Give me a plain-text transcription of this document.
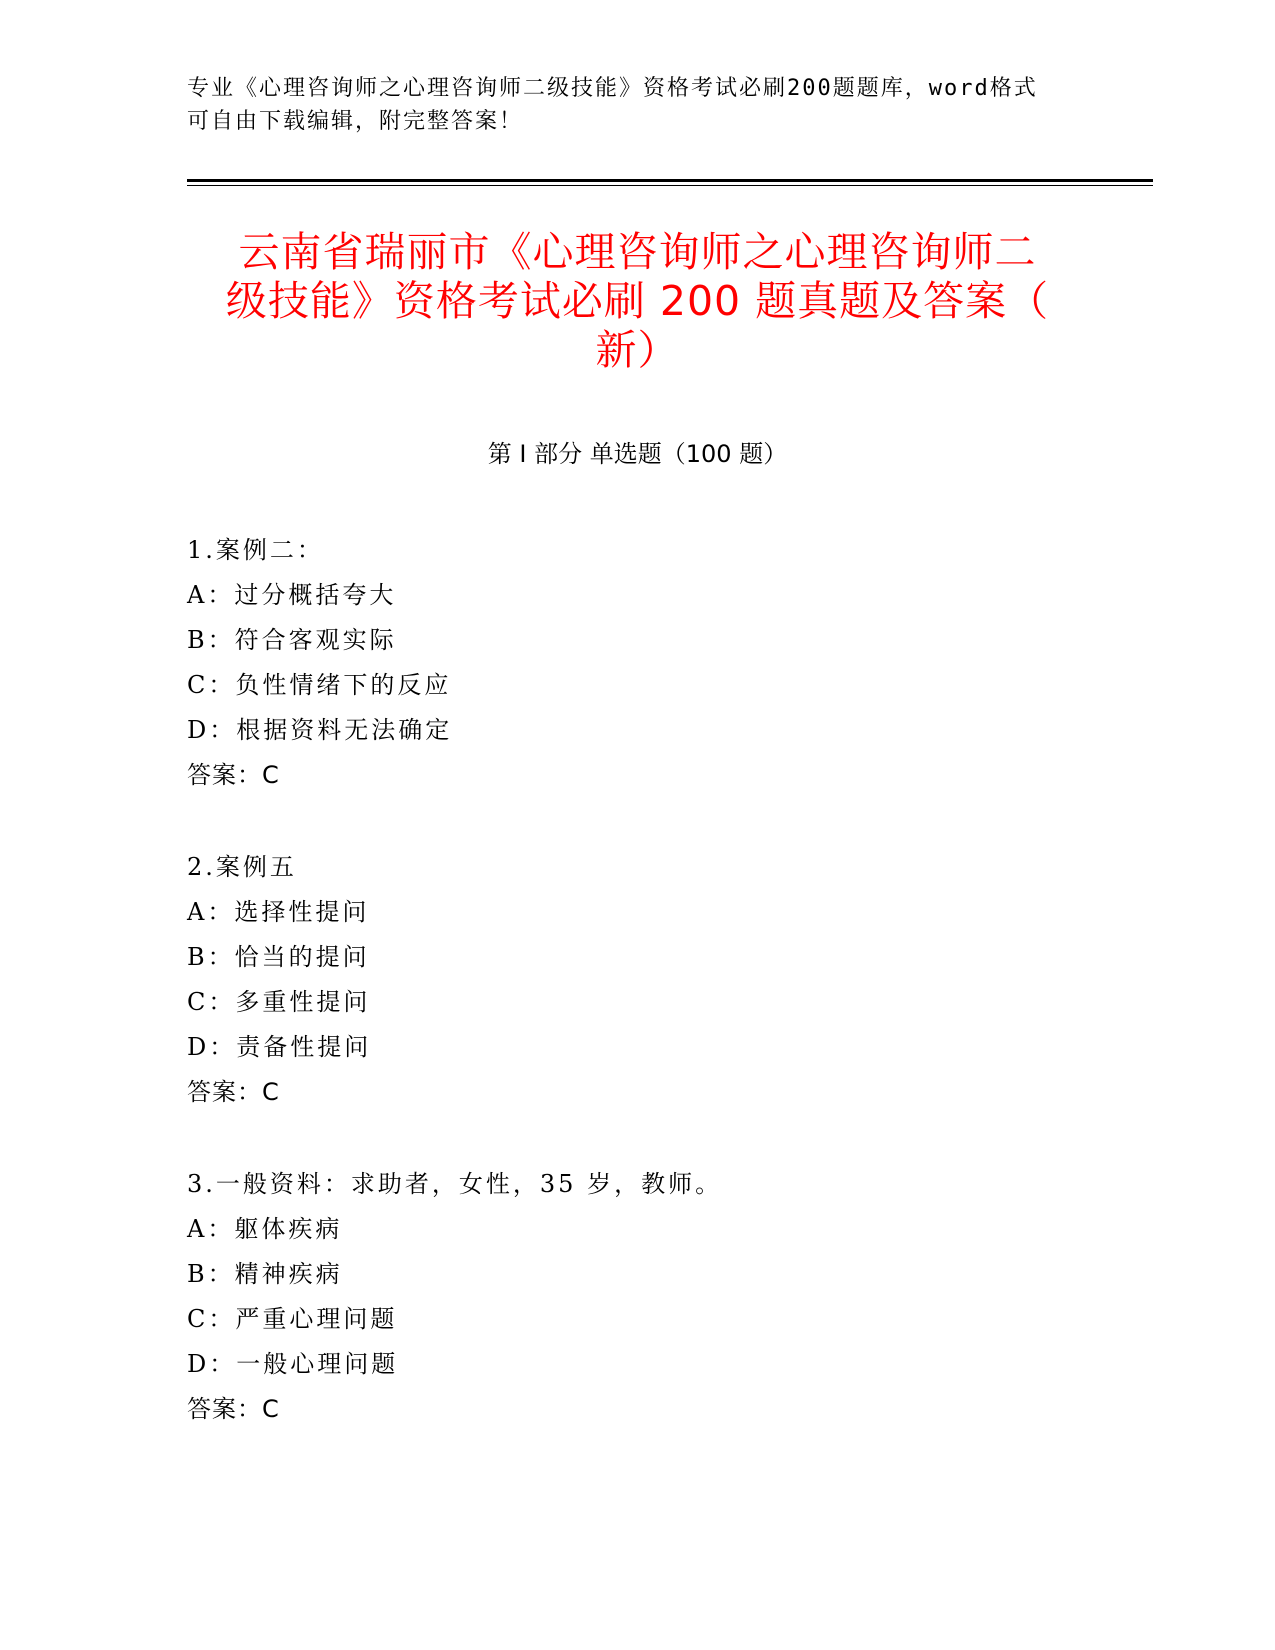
专业《心理咨询师之心理咨询师二级技能》资格考试必刷200题题库，word格式
可自由下载编辑，附完整答案！
云南省瑞丽市《心理咨询师之心理咨询师二
级技能》资格考试必刷 200 题真题及答案（
新）
第 I 部分 单选题（100 题）
1.案例二：
A：过分概括夸大
B：符合客观实际
C：负性情绪下的反应
D：根据资料无法确定
答案：C
2.案例五
A：选择性提问
B：恰当的提问
C：多重性提问
D：责备性提问
答案：C
3.一般资料：求助者，女性，35 岁，教师。
A：躯体疾病
B：精神疾病
C：严重心理问题
D：一般心理问题
答案：C
